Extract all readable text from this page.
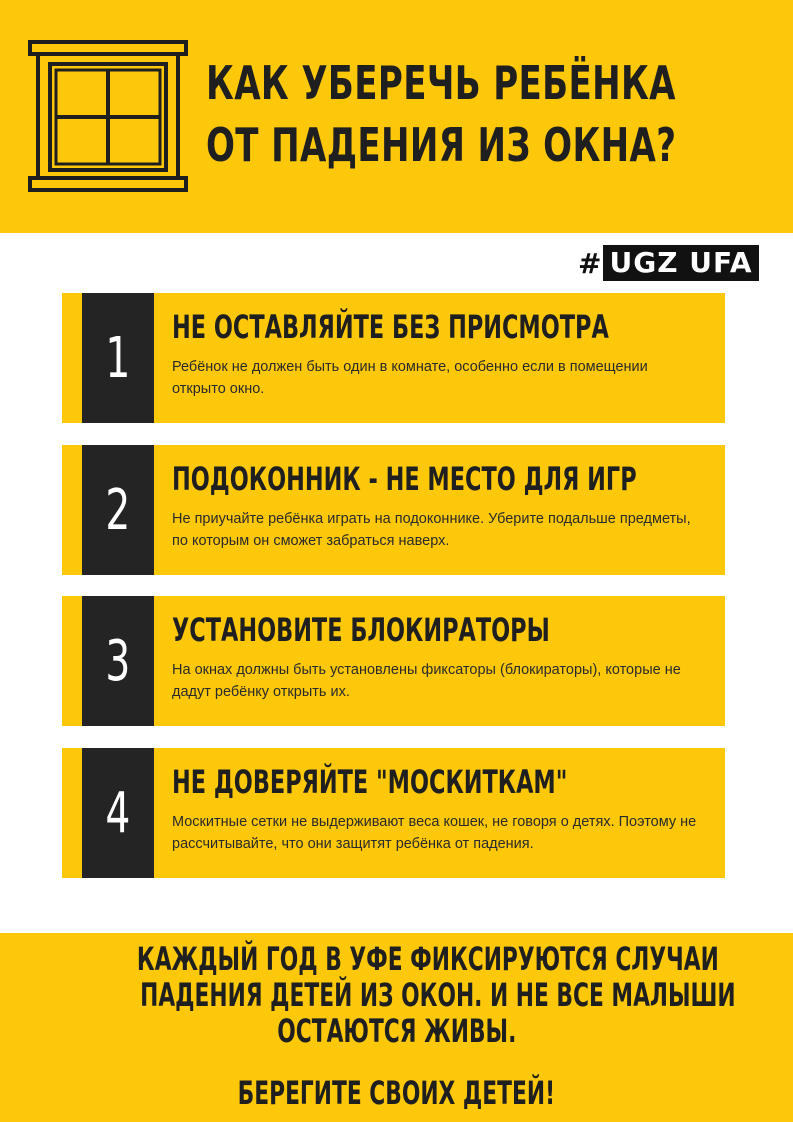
КАК УБЕРЕЧЬ РЕБЁНКА
ОТ ПАДЕНИЯ ИЗ ОКНА?
# UGZ UFA
1 НЕ ОСТАВЛЯЙТЕ БЕЗ ПРИСМОТРА
Ребёнок не должен быть один в комнате, особенно если в помещении открыто окно.
2 ПОДОКОННИК - НЕ МЕСТО ДЛЯ ИГР
Не приучайте ребёнка играть на подоконнике. Уберите подальше предметы, по которым он сможет забраться наверх.
3 УСТАНОВИТЕ БЛОКИРАТОРЫ
На окнах должны быть установлены фиксаторы (блокираторы), которые не дадут ребёнку открыть их.
4 НЕ ДОВЕРЯЙТЕ "МОСКИТКАМ"
Москитные сетки не выдерживают веса кошек, не говоря о детях. Поэтому не рассчитывайте, что они защитят ребёнка от падения.
КАЖДЫЙ ГОД В УФЕ ФИКСИРУЮТСЯ СЛУЧАИ
ПАДЕНИЯ ДЕТЕЙ ИЗ ОКОН. И НЕ ВСЕ МАЛЫШИ
ОСТАЮТСЯ ЖИВЫ.
БЕРЕГИТЕ СВОИХ ДЕТЕЙ!
